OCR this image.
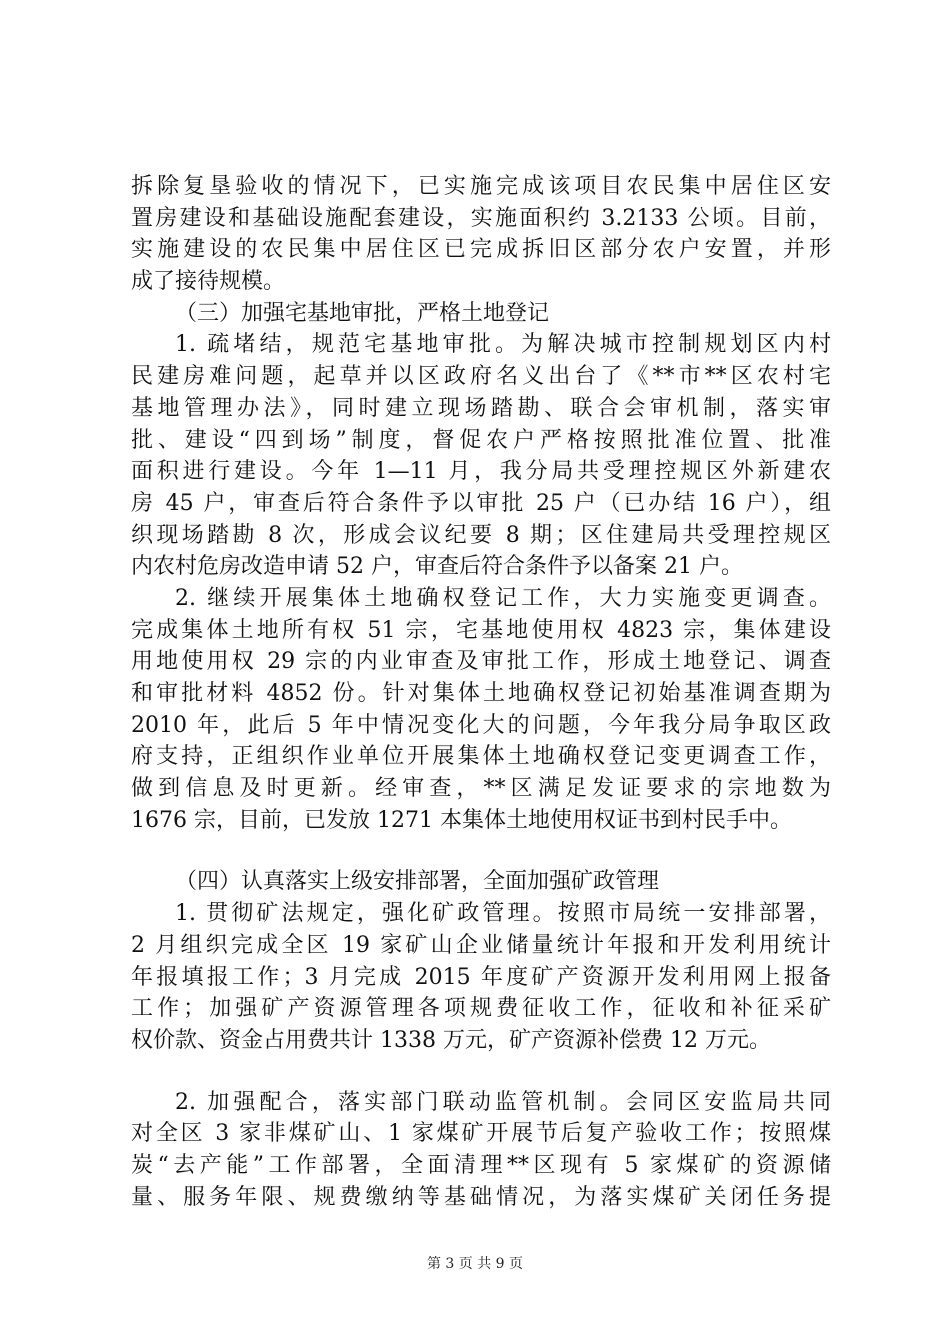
拆除复垦验收的情况下，已实施完成该项目农民集中居住区安
置房建设和基础设施配套建设，实施面积约 3.2133 公顷。目前，
实施建设的农民集中居住区已完成拆旧区部分农户安置，并形
成了接待规模。
（三）加强宅基地审批，严格土地登记
1. 疏堵结，规范宅基地审批。为解决城市控制规划区内村
民建房难问题，起草并以区政府名义出台了《**市**区农村宅
基地管理办法》，同时建立现场踏勘、联合会审机制，落实审
批、建设“四到场”制度，督促农户严格按照批准位置、批准
面积进行建设。今年 1—11 月，我分局共受理控规区外新建农
房 45 户，审查后符合条件予以审批 25 户（已办结 16 户），组
织现场踏勘 8 次，形成会议纪要 8 期；区住建局共受理控规区
内农村危房改造申请 52 户，审查后符合条件予以备案 21 户。
2. 继续开展集体土地确权登记工作，大力实施变更调查。
完成集体土地所有权 51 宗，宅基地使用权 4823 宗，集体建设
用地使用权 29 宗的内业审查及审批工作，形成土地登记、调查
和审批材料 4852 份。针对集体土地确权登记初始基准调查期为
2010 年，此后 5 年中情况变化大的问题，今年我分局争取区政
府支持，正组织作业单位开展集体土地确权登记变更调查工作，
做到信息及时更新。经审查，**区满足发证要求的宗地数为
1676 宗，目前，已发放 1271 本集体土地使用权证书到村民手中。
（四）认真落实上级安排部署，全面加强矿政管理
1. 贯彻矿法规定，强化矿政管理。按照市局统一安排部署，
2 月组织完成全区 19 家矿山企业储量统计年报和开发利用统计
年报填报工作；3 月完成 2015 年度矿产资源开发利用网上报备
工作；加强矿产资源管理各项规费征收工作，征收和补征采矿
权价款、资金占用费共计 1338 万元，矿产资源补偿费 12 万元。
2. 加强配合，落实部门联动监管机制。会同区安监局共同
对全区 3 家非煤矿山、1 家煤矿开展节后复产验收工作；按照煤
炭“去产能”工作部署，全面清理**区现有 5 家煤矿的资源储
量、服务年限、规费缴纳等基础情况，为落实煤矿关闭任务提
第 3 页 共 9 页
